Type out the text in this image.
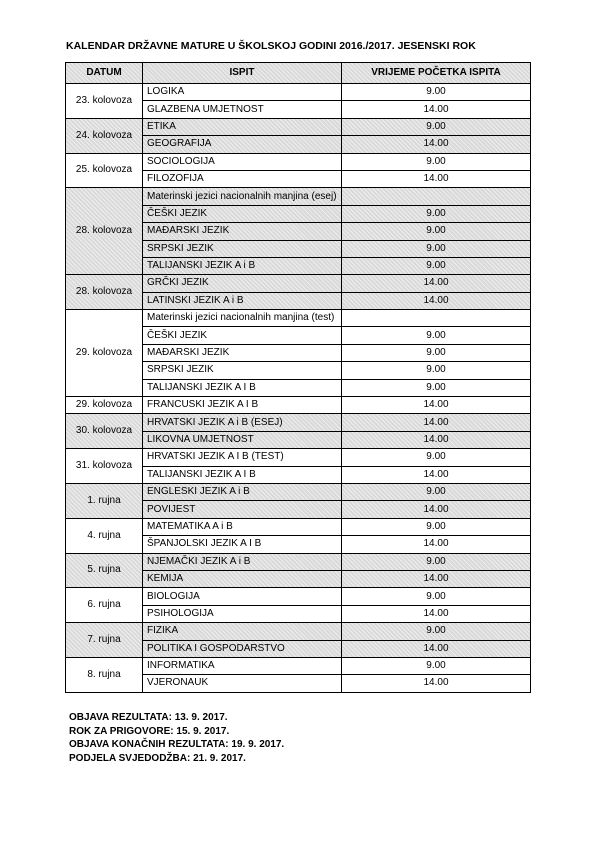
KALENDAR DRŽAVNE MATURE U ŠKOLSKOJ GODINI 2016./2017. JESENSKI ROK
DATUM	ISPIT	VRIJEME POČETKA ISPITA
23. kolovoza	LOGIKA	9.00
	GLAZBENA UMJETNOST	14.00
24. kolovoza	ETIKA	9.00
	GEOGRAFIJA	14.00
25. kolovoza	SOCIOLOGIJA	9.00
	FILOZOFIJA	14.00
28. kolovoza	Materinski jezici nacionalnih manjina (esej)	
	ČEŠKI JEZIK	9.00
	MAĐARSKI JEZIK	9.00
	SRPSKI JEZIK	9.00
	TALIJANSKI JEZIK A i B	9.00
28. kolovoza	GRČKI JEZIK	14.00
	LATINSKI JEZIK A i B	14.00
29. kolovoza	Materinski jezici nacionalnih manjina (test)	
	ČEŠKI JEZIK	9.00
	MAĐARSKI JEZIK	9.00
	SRPSKI JEZIK	9.00
	TALIJANSKI JEZIK A I B	9.00
29. kolovoza	FRANCUSKI JEZIK A I B	14.00
30. kolovoza	HRVATSKI JEZIK A i B (ESEJ)	14.00
	LIKOVNA UMJETNOST	14.00
31. kolovoza	HRVATSKI JEZIK A I B (TEST)	9.00
	TALIJANSKI JEZIK A I B	14.00
1. rujna	ENGLESKI JEZIK A i B	9.00
	POVIJEST	14.00
4. rujna	MATEMATIKA A i B	9.00
	ŠPANJOLSKI JEZIK A I B	14.00
5. rujna	NJEMAČKI JEZIK A i B	9.00
	KEMIJA	14.00
6. rujna	BIOLOGIJA	9.00
	PSIHOLOGIJA	14.00
7. rujna	FIZIKA	9.00
	POLITIKA I GOSPODARSTVO	14.00
8. rujna	INFORMATIKA	9.00
	VJERONAUK	14.00
OBJAVA REZULTATA: 13. 9. 2017.
ROK ZA PRIGOVORE: 15. 9. 2017.
OBJAVA KONAČNIH REZULTATA: 19. 9. 2017.
PODJELA SVJEDODŽBA: 21. 9. 2017.
